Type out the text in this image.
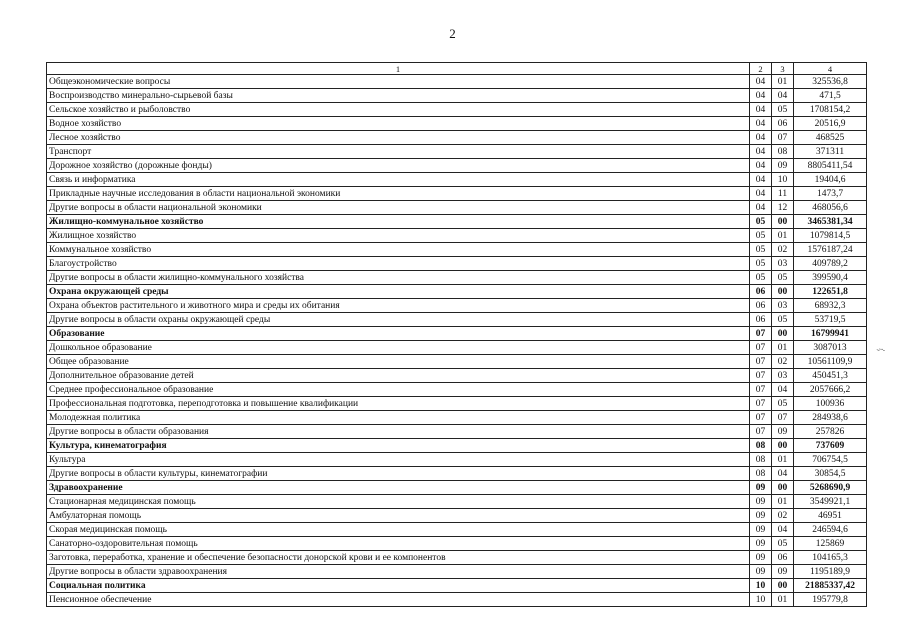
2
1	2	3	4
Общеэкономические вопросы	04	01	325536,8
Воспроизводство минерально-сырьевой базы	04	04	471,5
Сельское хозяйство и рыболовство	04	05	1708154,2
Водное хозяйство	04	06	20516,9
Лесное хозяйство	04	07	468525
Транспорт	04	08	371311
Дорожное хозяйство (дорожные фонды)	04	09	8805411,54
Связь и информатика	04	10	19404,6
Прикладные научные исследования в области национальной экономики	04	11	1473,7
Другие вопросы в области национальной экономики	04	12	468056,6
Жилищно-коммунальное хозяйство	05	00	3465381,34
Жилищное хозяйство	05	01	1079814,5
Коммунальное хозяйство	05	02	1576187,24
Благоустройство	05	03	409789,2
Другие вопросы в области жилищно-коммунального хозяйства	05	05	399590,4
Охрана окружающей среды	06	00	122651,8
Охрана объектов растительного и животного мира и среды их обитания	06	03	68932,3
Другие вопросы в области охраны окружающей среды	06	05	53719,5
Образование	07	00	16799941
Дошкольное образование	07	01	3087013
Общее образование	07	02	10561109,9
Дополнительное образование детей	07	03	450451,3
Среднее профессиональное образование	07	04	2057666,2
Профессиональная подготовка, переподготовка и повышение квалификации	07	05	100936
Молодежная политика	07	07	284938,6
Другие вопросы в области образования	07	09	257826
Культура, кинематография	08	00	737609
Культура	08	01	706754,5
Другие вопросы в области культуры, кинематографии	08	04	30854,5
Здравоохранение	09	00	5268690,9
Стационарная медицинская помощь	09	01	3549921,1
Амбулаторная помощь	09	02	46951
Скорая медицинская помощь	09	04	246594,6
Санаторно-оздоровительная помощь	09	05	125869
Заготовка, переработка, хранение и обеспечение безопасности донорской крови и ее компонентов	09	06	104165,3
Другие вопросы в области здравоохранения	09	09	1195189,9
Социальная политика	10	00	21885337,42
Пенсионное обеспечение	10	01	195779,8
·-~·-
